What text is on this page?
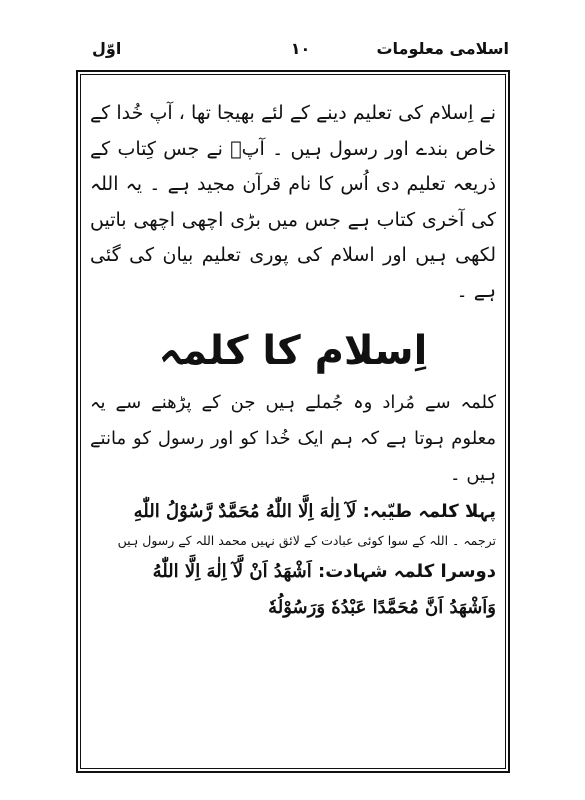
اسلامی معلومات
۱۰
اوّل

نے اِسلام کی تعلیم دینے کے لئے بھیجا تھا ، آپ خُدا کے خاص بندے اور رسول ہیں ۔ آپؐ نے جس کِتاب کے ذریعہ تعلیم دی اُس کا نام قرآن مجید ہے ۔ یہ اللہ کی آخری کتاب ہے جس میں بڑی اچھی اچھی باتیں لکھی ہیں اور اسلام کی پوری تعلیم بیان کی گئی ہے ۔

اِسلام کا کلمہ

کلمہ سے مُراد وہ جُملے ہیں جن کے پڑھنے سے یہ معلوم ہوتا ہے کہ ہم ایک خُدا کو اور رسول کو مانتے ہیں ۔

پہلا کلمہ طیّبہ: لَآ اِلٰهَ اِلَّا اللّٰهُ مُحَمَّدٌ رَّسُوْلُ اللّٰهِ

ترجمہ ۔ اللہ کے سوا کوئی عبادت کے لائق نہیں محمد اللہ کے رسول ہیں

دوسرا کلمہ شہادت: اَشْهَدُ اَنْ لَّآ اِلٰهَ اِلَّا اللّٰهُ
وَاَشْهَدُ اَنَّ مُحَمَّدًا عَبْدُهٗ وَرَسُوْلُهٗ
